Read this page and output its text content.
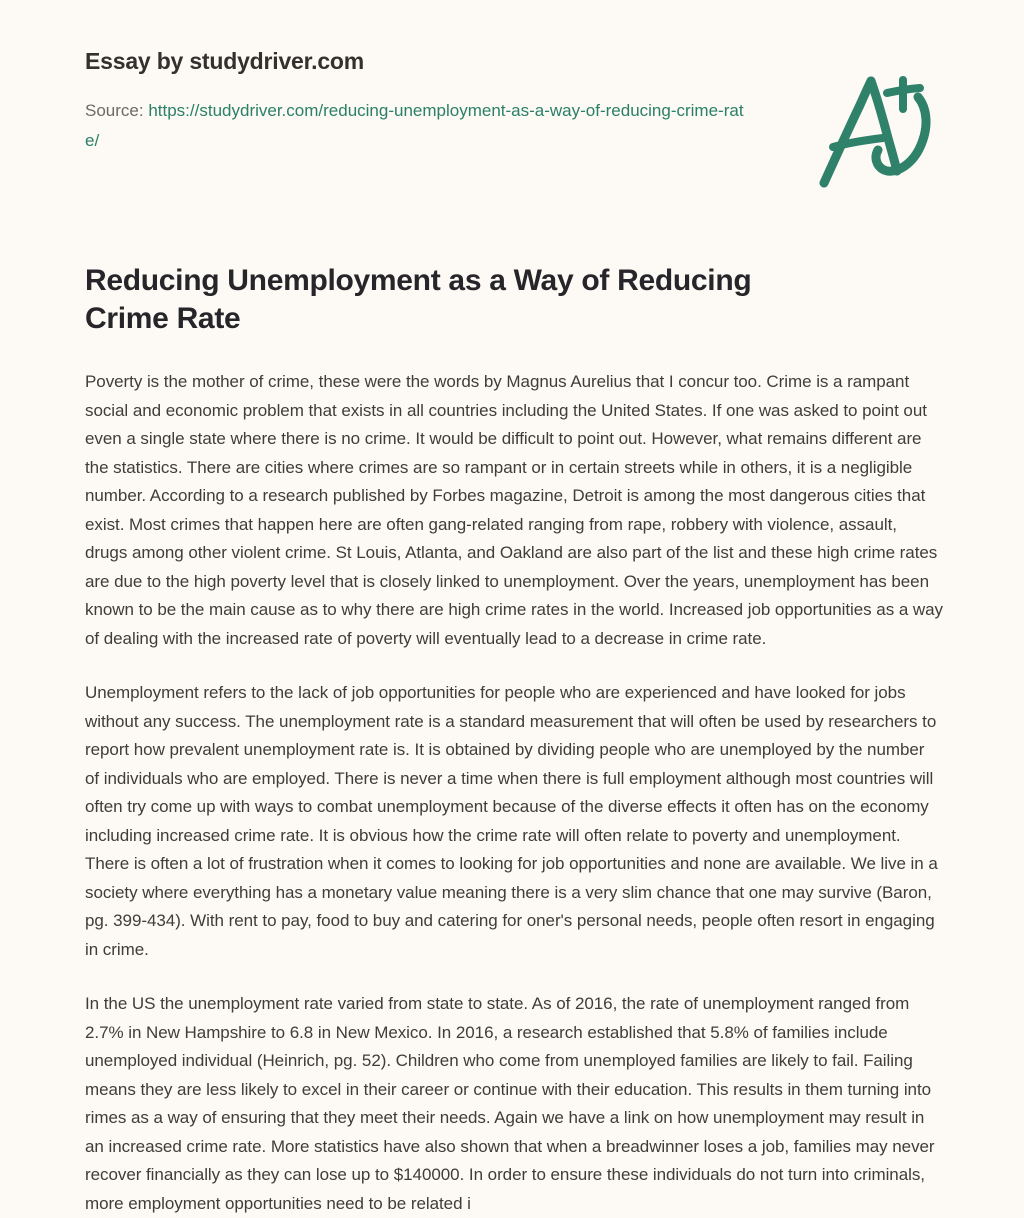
Essay by studydriver.com
Source: https://studydriver.com/reducing-unemployment-as-a-way-of-reducing-crime-rate/
Reducing Unemployment as a Way of Reducing Crime Rate

Poverty is the mother of crime, these were the words by Magnus Aurelius that I concur too. Crime is a rampant social and economic problem that exists in all countries including the United States. If one was asked to point out even a single state where there is no crime. It would be difficult to point out. However, what remains different are the statistics. There are cities where crimes are so rampant or in certain streets while in others, it is a negligible number. According to a research published by Forbes magazine, Detroit is among the most dangerous cities that exist. Most crimes that happen here are often gang-related ranging from rape, robbery with violence, assault, drugs among other violent crime. St Louis, Atlanta, and Oakland are also part of the list and these high crime rates are due to the high poverty level that is closely linked to unemployment. Over the years, unemployment has been known to be the main cause as to why there are high crime rates in the world. Increased job opportunities as a way of dealing with the increased rate of poverty will eventually lead to a decrease in crime rate.

Unemployment refers to the lack of job opportunities for people who are experienced and have looked for jobs without any success. The unemployment rate is a standard measurement that will often be used by researchers to report how prevalent unemployment rate is. It is obtained by dividing people who are unemployed by the number of individuals who are employed. There is never a time when there is full employment although most countries will often try come up with ways to combat unemployment because of the diverse effects it often has on the economy including increased crime rate. It is obvious how the crime rate will often relate to poverty and unemployment. There is often a lot of frustration when it comes to looking for job opportunities and none are available. We live in a society where everything has a monetary value meaning there is a very slim chance that one may survive (Baron, pg. 399-434). With rent to pay, food to buy and catering for oner's personal needs, people often resort in engaging in crime.

In the US the unemployment rate varied from state to state. As of 2016, the rate of unemployment ranged from 2.7% in New Hampshire to 6.8 in New Mexico. In 2016, a research established that 5.8% of families include unemployed individual (Heinrich, pg. 52). Children who come from unemployed families are likely to fail. Failing means they are less likely to excel in their career or continue with their education. This results in them turning into rimes as a way of ensuring that they meet their needs. Again we have a link on how unemployment may result in an increased crime rate. More statistics have also shown that when a breadwinner loses a job, families may never recover financially as they can lose up to $140000. In order to ensure these individuals do not turn into criminals, more employment opportunities need to be related i
